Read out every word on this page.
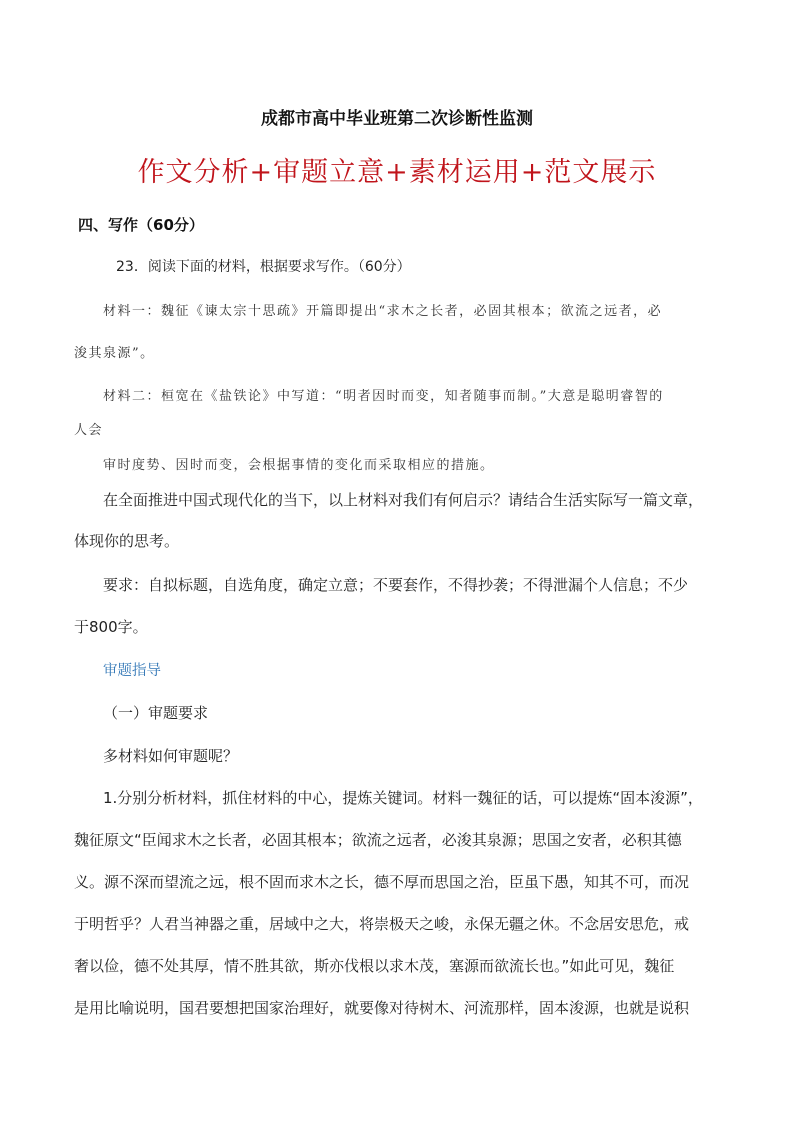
成都市高中毕业班第二次诊断性监测
作文分析+审题立意+素材运用+范文展示
四、写作（60分）
23．阅读下面的材料，根据要求写作。（60分）
材料一：魏征《谏太宗十思疏》开篇即提出“求木之长者，必固其根本；欲流之远者，必
浚其泉源”。
材料二：桓宽在《盐铁论》中写道：“明者因时而变，知者随事而制。”大意是聪明睿智的
人会
审时度势、因时而变，会根据事情的变化而采取相应的措施。
在全面推进中国式现代化的当下，以上材料对我们有何启示？请结合生活实际写一篇文章，
体现你的思考。
要求：自拟标题，自选角度，确定立意；不要套作，不得抄袭；不得泄漏个人信息；不少
于800字。
审题指导
（一）审题要求
多材料如何审题呢？
1.分别分析材料，抓住材料的中心，提炼关键词。材料一魏征的话，可以提炼“固本浚源”，
魏征原文“臣闻求木之长者，必固其根本；欲流之远者，必浚其泉源；思国之安者，必积其德
义。源不深而望流之远，根不固而求木之长，德不厚而思国之治，臣虽下愚，知其不可，而况
于明哲乎？人君当神器之重，居域中之大，将崇极天之峻，永保无疆之休。不念居安思危，戒
奢以俭，德不处其厚，情不胜其欲，斯亦伐根以求木茂，塞源而欲流长也。”如此可见，魏征
是用比喻说明，国君要想把国家治理好，就要像对待树木、河流那样，固本浚源，也就是说积
